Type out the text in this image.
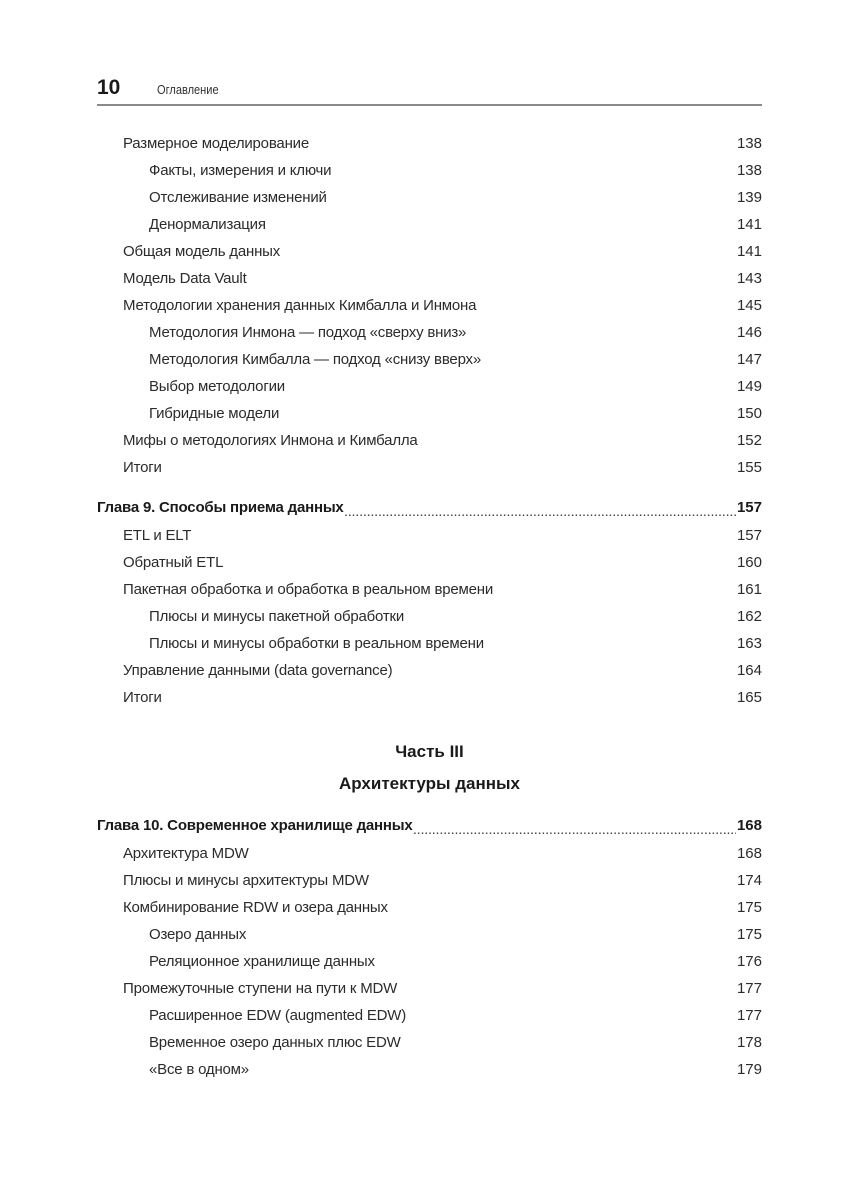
10	Оглавление
Размерное моделирование .....	138
Факты, измерения и ключи .....	138
Отслеживание изменений .....	139
Денормализация .....	141
Общая модель данных .....	141
Модель Data Vault .....	143
Методологии хранения данных Кимбалла и Инмона .....	145
Методология Инмона — подход «сверху вниз» .....	146
Методология Кимбалла — подход «снизу вверх» .....	147
Выбор методологии .....	149
Гибридные модели .....	150
Мифы о методологиях Инмона и Кимбалла .....	152
Итоги .....	155
Глава 9. Способы приема данных .....	157
ETL и ELT .....	157
Обратный ETL .....	160
Пакетная обработка и обработка в реальном времени .....	161
Плюсы и минусы пакетной обработки .....	162
Плюсы и минусы обработки в реальном времени .....	163
Управление данными (data governance) .....	164
Итоги .....	165
Часть III
Архитектуры данных
Глава 10. Современное хранилище данных .....	168
Архитектура MDW .....	168
Плюсы и минусы архитектуры MDW .....	174
Комбинирование RDW и озера данных .....	175
Озеро данных .....	175
Реляционное хранилище данных .....	176
Промежуточные ступени на пути к MDW .....	177
Расширенное EDW (augmented EDW) .....	177
Временное озеро данных плюс EDW .....	178
«Все в одном» .....	179
